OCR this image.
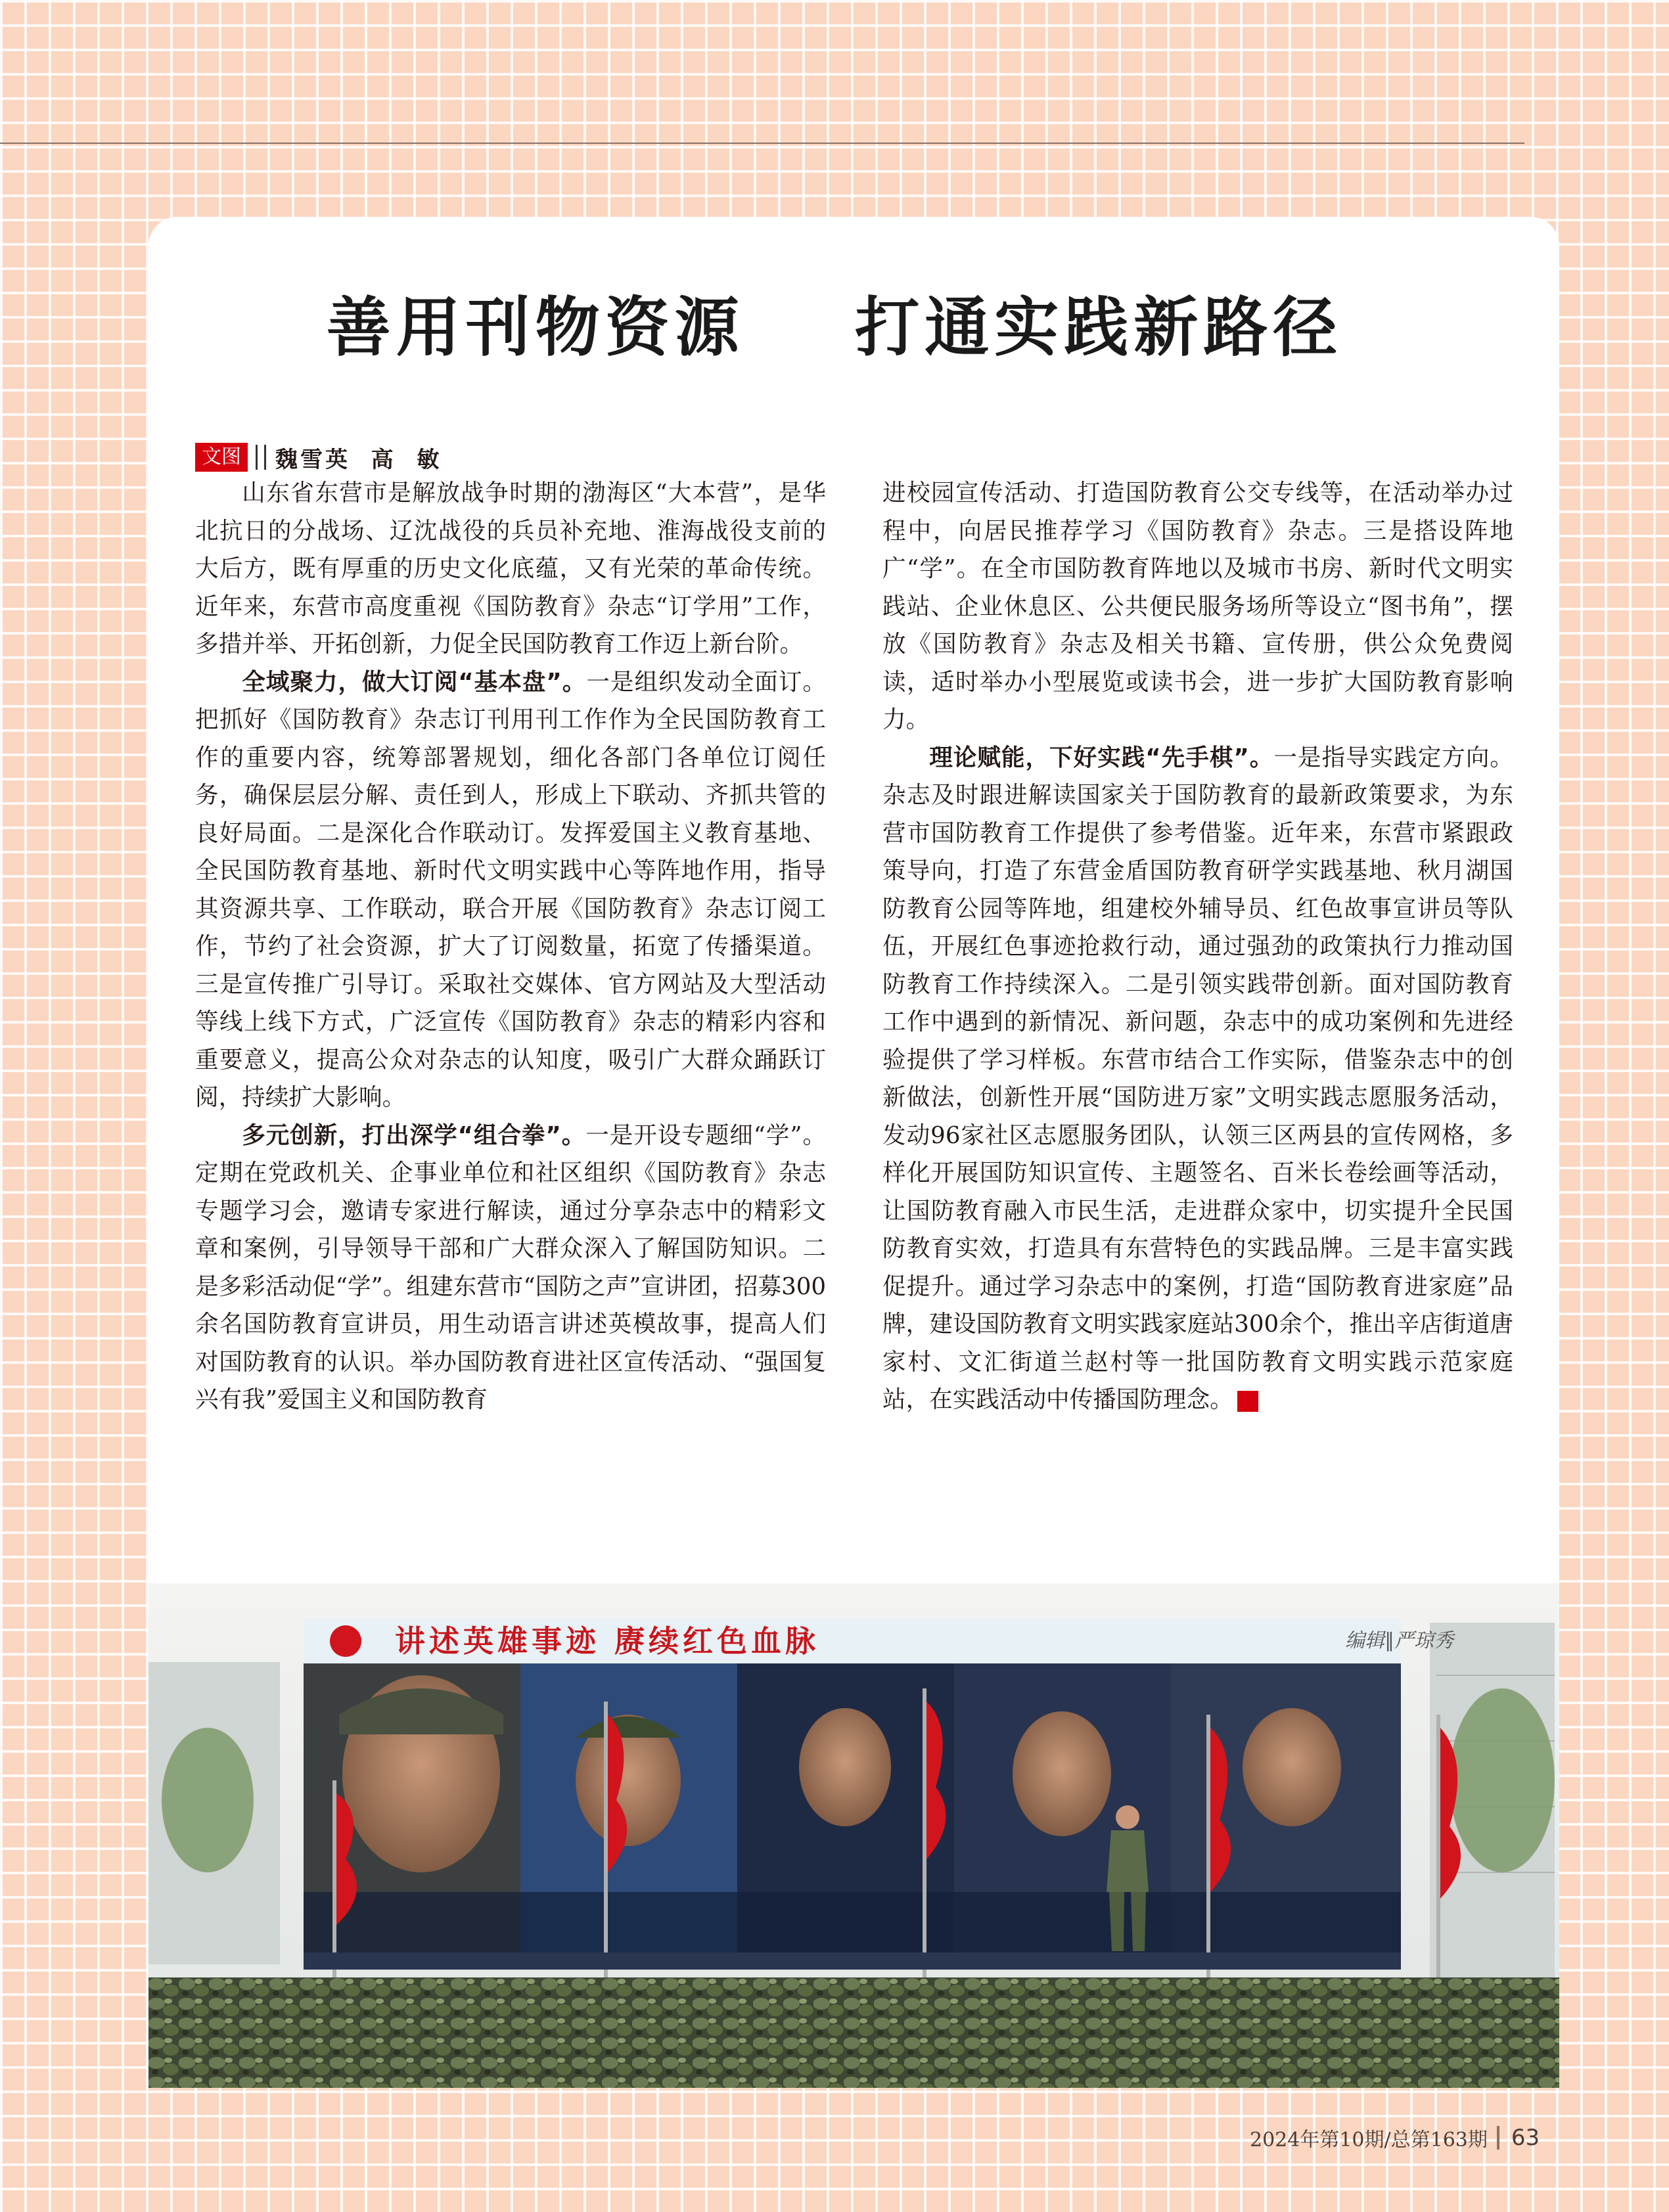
善用刊物资源    打通实践新路径
文图 魏雪英  高  敏

山东省东营市是解放战争时期的渤海区“大本营”，是华北抗日的分战场、辽沈战役的兵员补充地、淮海战役支前的大后方，既有厚重的历史文化底蕴，又有光荣的革命传统。近年来，东营市高度重视《国防教育》杂志“订学用”工作，多措并举、开拓创新，力促全民国防教育工作迈上新台阶。

全域聚力，做大订阅“基本盘”。一是组织发动全面订。把抓好《国防教育》杂志订刊用刊工作作为全民国防教育工作的重要内容，统筹部署规划，细化各部门各单位订阅任务，确保层层分解、责任到人，形成上下联动、齐抓共管的良好局面。二是深化合作联动订。发挥爱国主义教育基地、全民国防教育基地、新时代文明实践中心等阵地作用，指导其资源共享、工作联动，联合开展《国防教育》杂志订阅工作，节约了社会资源，扩大了订阅数量，拓宽了传播渠道。三是宣传推广引导订。采取社交媒体、官方网站及大型活动等线上线下方式，广泛宣传《国防教育》杂志的精彩内容和重要意义，提高公众对杂志的认知度，吸引广大群众踊跃订阅，持续扩大影响。

多元创新，打出深学“组合拳”。一是开设专题细“学”。定期在党政机关、企事业单位和社区组织《国防教育》杂志专题学习会，邀请专家进行解读，通过分享杂志中的精彩文章和案例，引导领导干部和广大群众深入了解国防知识。二是多彩活动促“学”。组建东营市“国防之声”宣讲团，招募300余名国防教育宣讲员，用生动语言讲述英模故事，提高人们对国防教育的认识。举办国防教育进社区宣传活动、“强国复兴有我”爱国主义和国防教育

进校园宣传活动、打造国防教育公交专线等，在活动举办过程中，向居民推荐学习《国防教育》杂志。三是搭设阵地广“学”。在全市国防教育阵地以及城市书房、新时代文明实践站、企业休息区、公共便民服务场所等设立“图书角”，摆放《国防教育》杂志及相关书籍、宣传册，供公众免费阅读，适时举办小型展览或读书会，进一步扩大国防教育影响力。

理论赋能，下好实践“先手棋”。一是指导实践定方向。杂志及时跟进解读国家关于国防教育的最新政策要求，为东营市国防教育工作提供了参考借鉴。近年来，东营市紧跟政策导向，打造了东营金盾国防教育研学实践基地、秋月湖国防教育公园等阵地，组建校外辅导员、红色故事宣讲员等队伍，开展红色事迹抢救行动，通过强劲的政策执行力推动国防教育工作持续深入。二是引领实践带创新。面对国防教育工作中遇到的新情况、新问题，杂志中的成功案例和先进经验提供了学习样板。东营市结合工作实际，借鉴杂志中的创新做法，创新性开展“国防进万家”文明实践志愿服务活动，发动96家社区志愿服务团队，认领三区两县的宣传网格，多样化开展国防知识宣传、主题签名、百米长卷绘画等活动，让国防教育融入市民生活，走进群众家中，切实提升全民国防教育实效，打造具有东营特色的实践品牌。三是丰富实践促提升。通过学习杂志中的案例，打造“国防教育进家庭”品牌，建设国防教育文明实践家庭站300余个，推出辛店街道唐家村、文汇街道兰赵村等一批国防教育文明实践示范家庭站，在实践活动中传播国防理念。	G

讲述英雄事迹 赓续红色血脉	编辑∥严琼秀
2024年第10期/总第163期 63
